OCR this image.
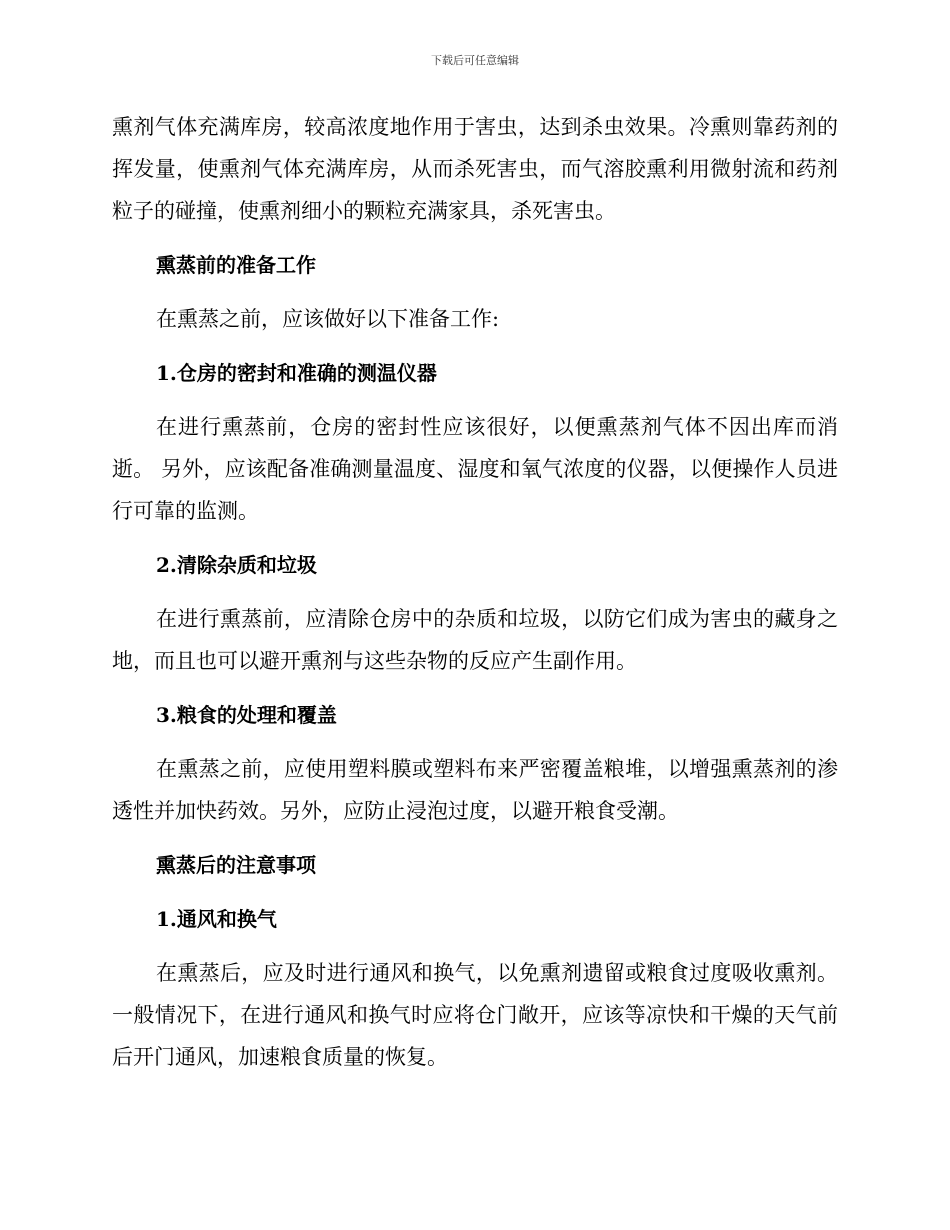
下载后可任意编辑

熏剂气体充满库房，较高浓度地作用于害虫，达到杀虫效果。冷熏则靠药剂的挥发量，使熏剂气体充满库房，从而杀死害虫，而气溶胶熏利用微射流和药剂粒子的碰撞，使熏剂细小的颗粒充满家具，杀死害虫。

熏蒸前的准备工作

在熏蒸之前，应该做好以下准备工作:

1.仓房的密封和准确的测温仪器

在进行熏蒸前，仓房的密封性应该很好，以便熏蒸剂气体不因出库而消逝。 另外，应该配备准确测量温度、湿度和氧气浓度的仪器，以便操作人员进行可靠的监测。

2.清除杂质和垃圾

在进行熏蒸前，应清除仓房中的杂质和垃圾，以防它们成为害虫的藏身之地，而且也可以避开熏剂与这些杂物的反应产生副作用。

3.粮食的处理和覆盖

在熏蒸之前，应使用塑料膜或塑料布来严密覆盖粮堆，以增强熏蒸剂的渗透性并加快药效。另外，应防止浸泡过度，以避开粮食受潮。

熏蒸后的注意事项

1.通风和换气

在熏蒸后，应及时进行通风和换气，以免熏剂遗留或粮食过度吸收熏剂。一般情况下，在进行通风和换气时应将仓门敞开，应该等凉快和干燥的天气前后开门通风，加速粮食质量的恢复。
